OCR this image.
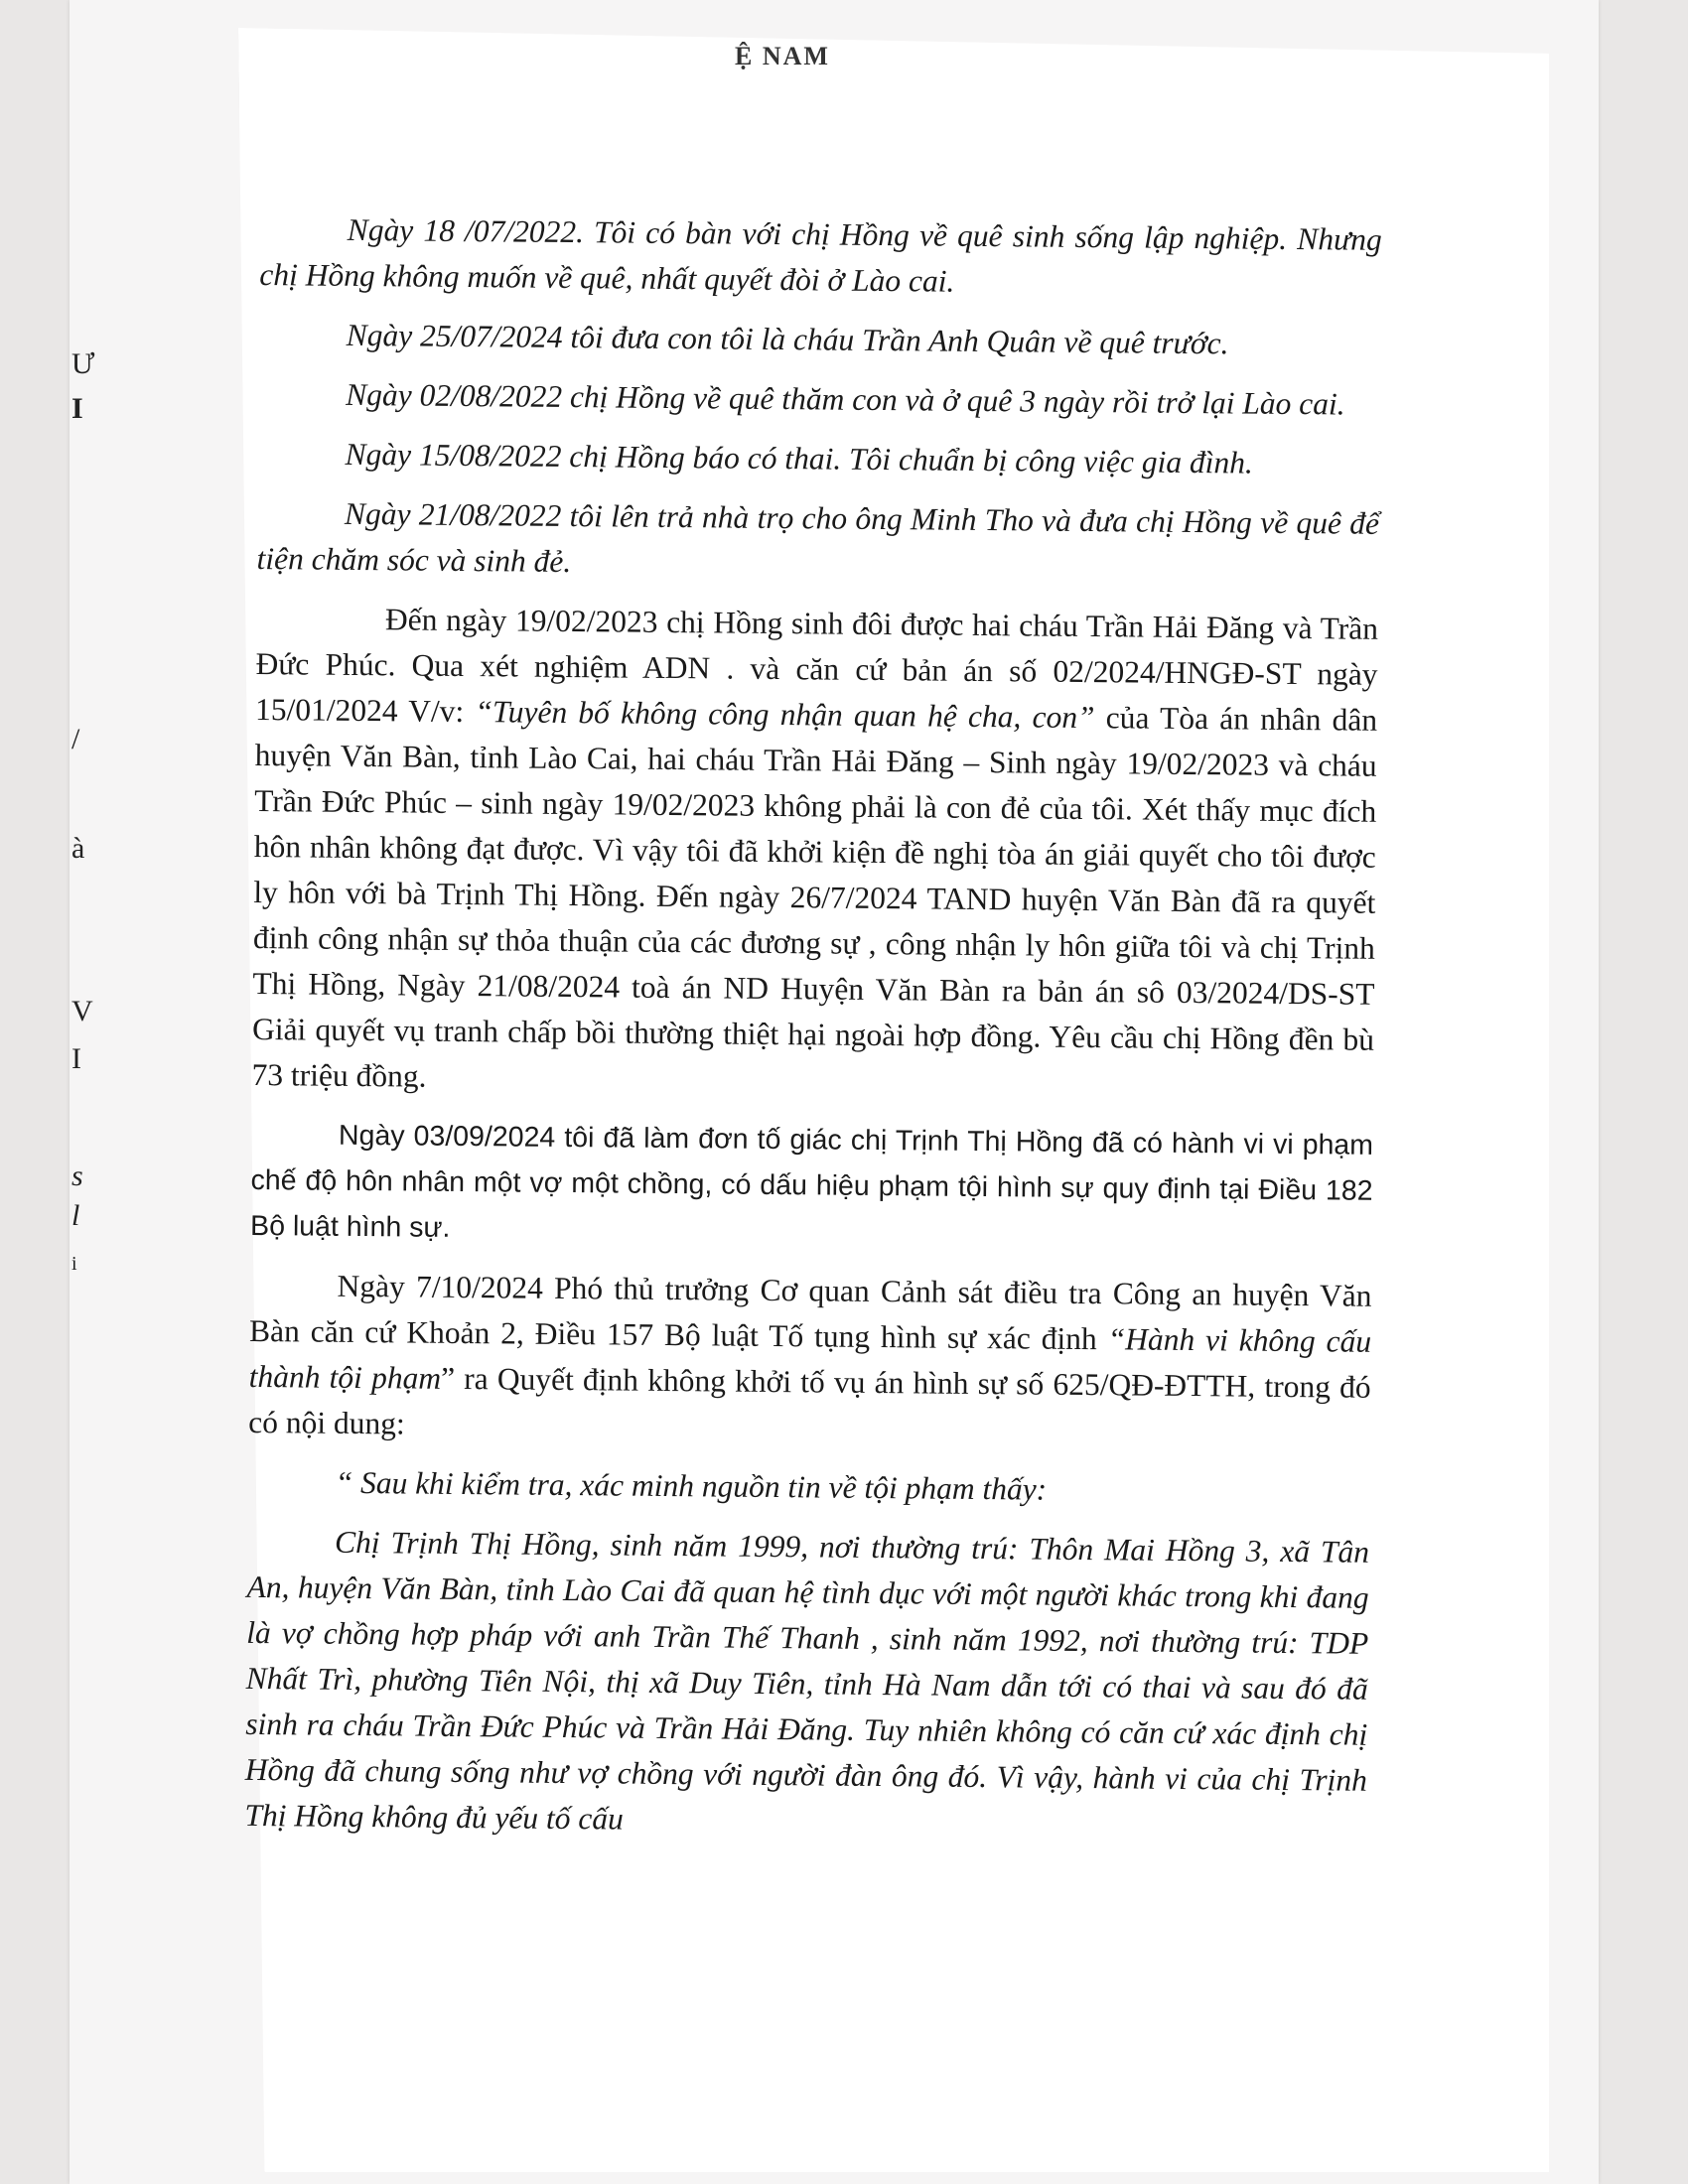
Ư
I
/
à
V
I
s
l
i
Ệ NAM

Ngày 18 /07/2022. Tôi có bàn với chị Hồng về quê sinh sống lập nghiệp. Nhưng chị Hồng không muốn về quê, nhất quyết đòi ở Lào cai.

Ngày 25/07/2024 tôi đưa con tôi là cháu Trần Anh Quân về quê trước.

Ngày 02/08/2022 chị Hồng về quê thăm con và ở quê 3 ngày rồi trở lại Lào cai.

Ngày 15/08/2022 chị Hồng báo có thai. Tôi chuẩn bị công việc gia đình.

Ngày 21/08/2022 tôi lên trả nhà trọ cho ông Minh Tho và đưa chị Hồng về quê để tiện chăm sóc và sinh đẻ.

Đến ngày 19/02/2023 chị Hồng sinh đôi được hai cháu Trần Hải Đăng và Trần Đức Phúc. Qua xét nghiệm ADN . và căn cứ bản án số 02/2024/HNGĐ-ST ngày 15/01/2024 V/v: “Tuyên bố không công nhận quan hệ cha, con” của Tòa án nhân dân huyện Văn Bàn, tỉnh Lào Cai, hai cháu Trần Hải Đăng – Sinh ngày 19/02/2023 và cháu Trần Đức Phúc – sinh ngày 19/02/2023 không phải là con đẻ của tôi. Xét thấy mục đích hôn nhân không đạt được. Vì vậy tôi đã khởi kiện đề nghị tòa án giải quyết cho tôi được ly hôn với bà Trịnh Thị Hồng. Đến ngày 26/7/2024 TAND huyện Văn Bàn đã ra quyết định công nhận sự thỏa thuận của các đương sự , công nhận ly hôn giữa tôi và chị Trịnh Thị Hồng, Ngày 21/08/2024 toà án ND Huyện Văn Bàn ra bản án sô 03/2024/DS-ST Giải quyết vụ tranh chấp bồi thường thiệt hại ngoài hợp đồng. Yêu cầu chị Hồng đền bù 73 triệu đồng.

Ngày 03/09/2024 tôi đã làm đơn tố giác chị Trịnh Thị Hồng đã có hành vi vi phạm chế độ hôn nhân một vợ một chồng, có dấu hiệu phạm tội hình sự quy định tại Điều 182 Bộ luật hình sự.

Ngày 7/10/2024 Phó thủ trưởng Cơ quan Cảnh sát điều tra Công an huyện Văn Bàn căn cứ Khoản 2, Điều 157 Bộ luật Tố tụng hình sự xác định “Hành vi không cấu thành tội phạm” ra Quyết định không khởi tố vụ án hình sự số 625/QĐ-ĐTTH, trong đó có nội dung:

“ Sau khi kiểm tra, xác minh nguồn tin về tội phạm thấy:

Chị Trịnh Thị Hồng, sinh năm 1999, nơi thường trú: Thôn Mai Hồng 3, xã Tân An, huyện Văn Bàn, tỉnh Lào Cai đã quan hệ tình dục với một người khác trong khi đang là vợ chồng hợp pháp với anh Trần Thế Thanh , sinh năm 1992, nơi thường trú: TDP Nhất Trì, phường Tiên Nội, thị xã Duy Tiên, tỉnh Hà Nam dẫn tới có thai và sau đó đã sinh ra cháu Trần Đức Phúc và Trần Hải Đăng. Tuy nhiên không có căn cứ xác định chị Hồng đã chung sống như vợ chồng với người đàn ông đó. Vì vậy, hành vi của chị Trịnh Thị Hồng không đủ yếu tố cấu
